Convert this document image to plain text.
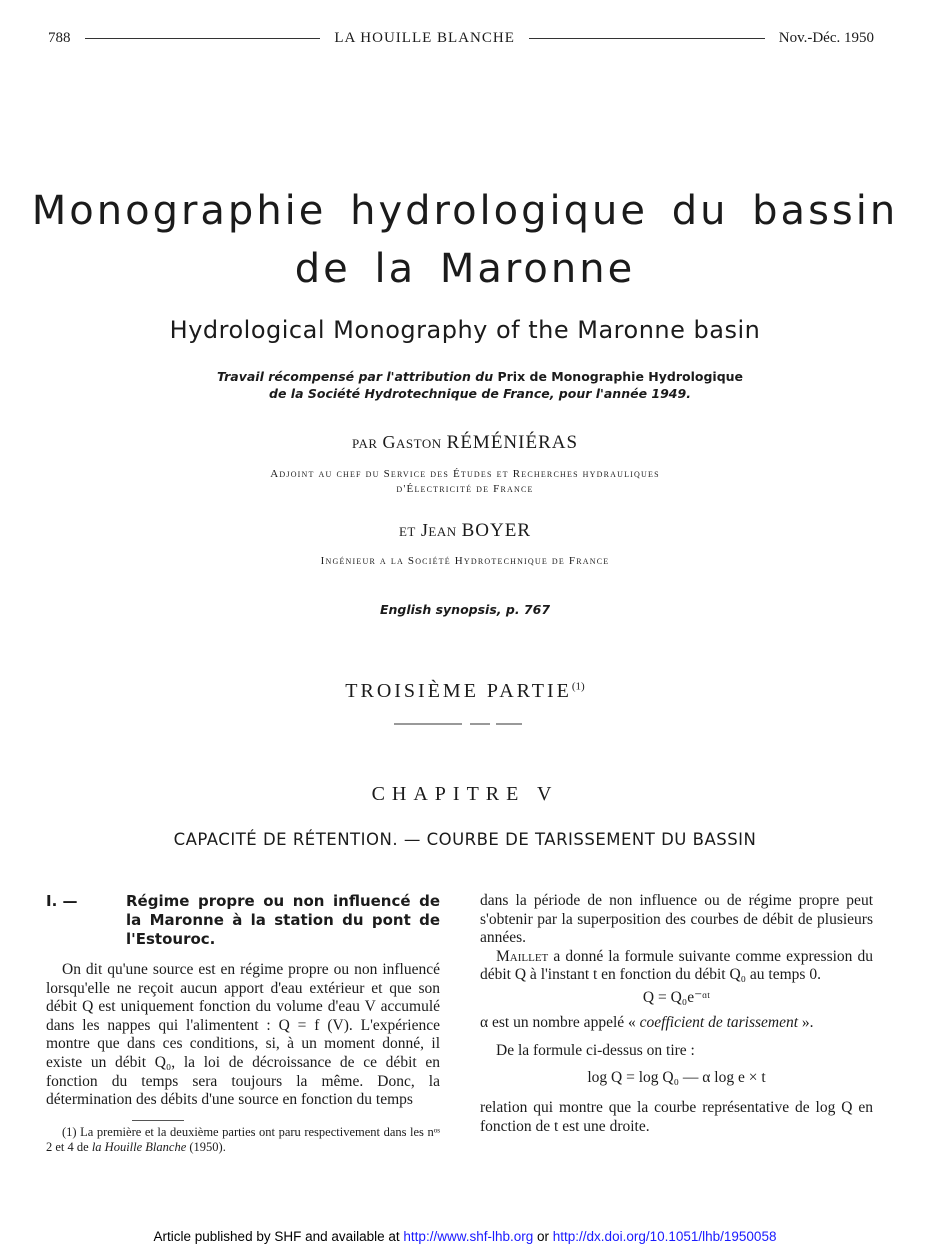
788	LA HOUILLE BLANCHE	Nov.-Déc. 1950
Monographie hydrologique du bassin
de la Maronne
Hydrological Monography of the Maronne basin
Travail récompensé par l'attribution du Prix de Monographie Hydrologique
de la Société Hydrotechnique de France, pour l'année 1949.
par Gaston RÉMÉNIÉRAS
Adjoint au chef du Service des Études et Recherches hydrauliques
d'Électricité de France
et Jean BOYER
Ingénieur a la Société Hydrotechnique de France
English synopsis, p. 767
TROISIÈME PARTIE$^{(1)}$
CHAPITRE V
CAPACITÉ DE RÉTENTION. — COURBE DE TARISSEMENT DU BASSIN
I. —	Régime propre ou non influencé de la Maronne à la station du pont de l'Estouroc.

On dit qu'une source est en régime propre ou non influencé lorsqu'elle ne reçoit aucun apport d'eau extérieur et que son débit Q est uniquement fonction du volume d'eau V accumulé dans les nappes qui l'alimentent : Q = f (V). L'expérience montre que dans ces conditions, si, à un moment donné, il existe un débit Q₀, la loi de décroissance de ce débit en fonction du temps sera toujours la même. Donc, la détermination des débits d'une source en fonction du temps

(1) La première et la deuxième parties ont paru respectivement dans les nᵒˢ 2 et 4 de la Houille Blanche (1950).

dans la période de non influence ou de régime propre peut s'obtenir par la superposition des courbes de débit de plusieurs années.

Maillet a donné la formule suivante comme expression du débit Q à l'instant t en fonction du débit Q₀ au temps 0.

Q = Q₀e⁻ᵅᵗ

α est un nombre appelé « coefficient de tarissement ».

De la formule ci-dessus on tire :

log Q = log Q₀ — α log e × t

relation qui montre que la courbe représentative de log Q en fonction de t est une droite.

Article published by SHF and available at http://www.shf-lhb.org or http://dx.doi.org/10.1051/lhb/1950058
